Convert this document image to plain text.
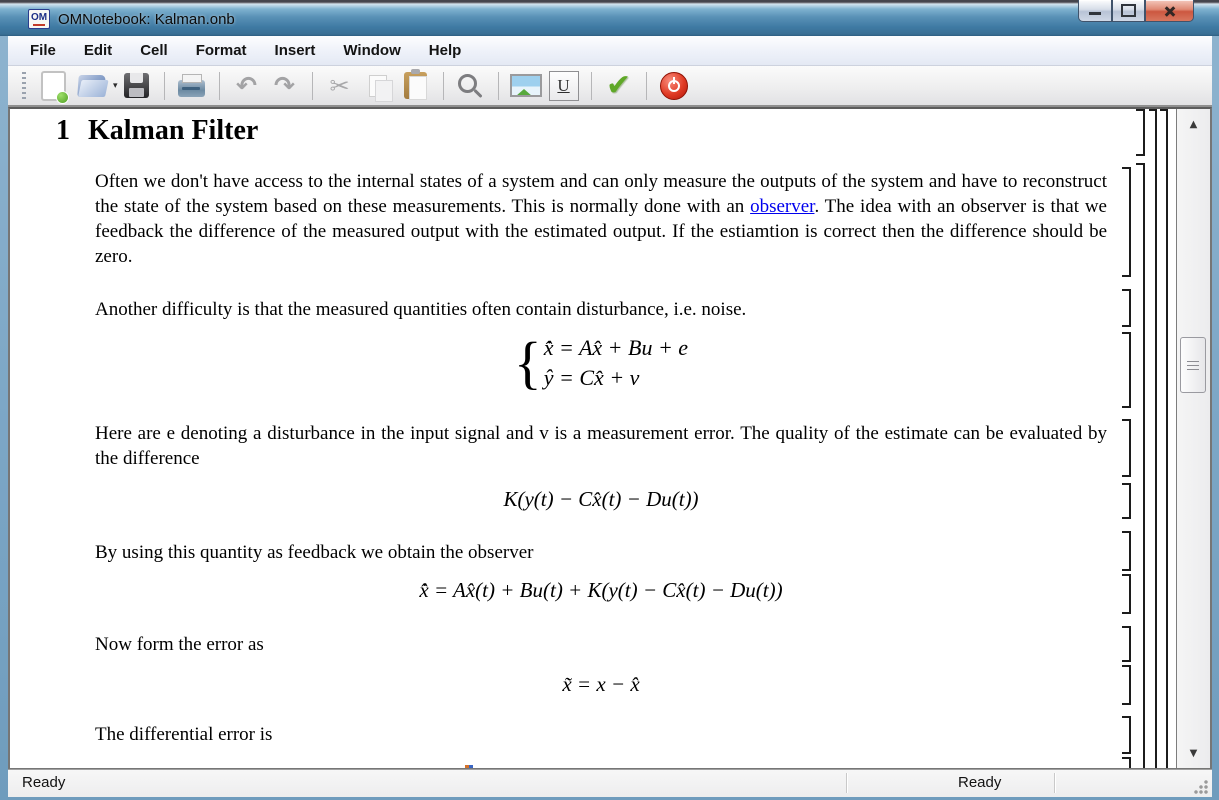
OM OMNotebook: Kalman.onb
File	Edit	Cell	Format	Insert	Window	Help
▾	↶ ↷ ✂	U ✔
1 Kalman Filter
Often we don't have access to the internal states of a system and can only measure the outputs of the system and have to reconstruct the state of the system based on these measurements. This is normally done with an observer. The idea with an observer is that we feedback the difference of the measured output with the estimated output. If the estiamtion is correct then the difference should be zero.
Another difficulty is that the measured quantities often contain disturbance, i.e. noise.
{ x̂̇ = Ax̂ + Bu + e
ŷ = Cx̂ + v
Here are e denoting a disturbance in the input signal and v is a measurement error. The quality of the estimate can be evaluated by the difference
K(y(t) − Cx̂(t) − Du(t))
By using this quantity as feedback we obtain the observer
x̂̇ = Ax̂(t) + Bu(t) + K(y(t) − Cx̂(t) − Du(t))
Now form the error as
x̃ = x − x̂
The differential error is
▲
▼
Ready	Ready
